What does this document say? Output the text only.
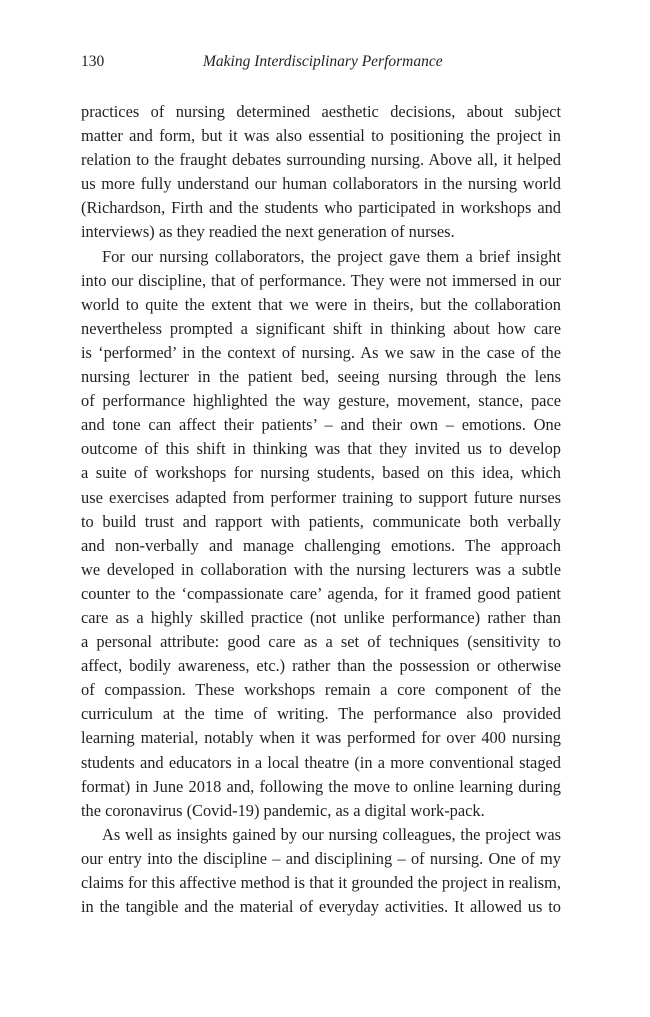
130	Making Interdisciplinary Performance
practices of nursing determined aesthetic decisions, about subject
matter and form, but it was also essential to positioning the project in
relation to the fraught debates surrounding nursing. Above all, it helped
us more fully understand our human collaborators in the nursing world
(Richardson, Firth and the students who participated in workshops and
interviews) as they readied the next generation of nurses.
For our nursing collaborators, the project gave them a brief insight
into our discipline, that of performance. They were not immersed in our
world to quite the extent that we were in theirs, but the collaboration
nevertheless prompted a significant shift in thinking about how care
is ‘performed’ in the context of nursing. As we saw in the case of the
nursing lecturer in the patient bed, seeing nursing through the lens
of performance highlighted the way gesture, movement, stance, pace
and tone can affect their patients’ – and their own – emotions. One
outcome of this shift in thinking was that they invited us to develop
a suite of workshops for nursing students, based on this idea, which
use exercises adapted from performer training to support future nurses
to build trust and rapport with patients, communicate both verbally
and non-verbally and manage challenging emotions. The approach
we developed in collaboration with the nursing lecturers was a subtle
counter to the ‘compassionate care’ agenda, for it framed good patient
care as a highly skilled practice (not unlike performance) rather than
a personal attribute: good care as a set of techniques (sensitivity to
affect, bodily awareness, etc.) rather than the possession or otherwise
of compassion. These workshops remain a core component of the
curriculum at the time of writing. The performance also provided
learning material, notably when it was performed for over 400 nursing
students and educators in a local theatre (in a more conventional staged
format) in June 2018 and, following the move to online learning during
the coronavirus (Covid-19) pandemic, as a digital work-pack.
As well as insights gained by our nursing colleagues, the project was
our entry into the discipline – and disciplining – of nursing. One of my
claims for this affective method is that it grounded the project in realism,
in the tangible and the material of everyday activities. It allowed us to
